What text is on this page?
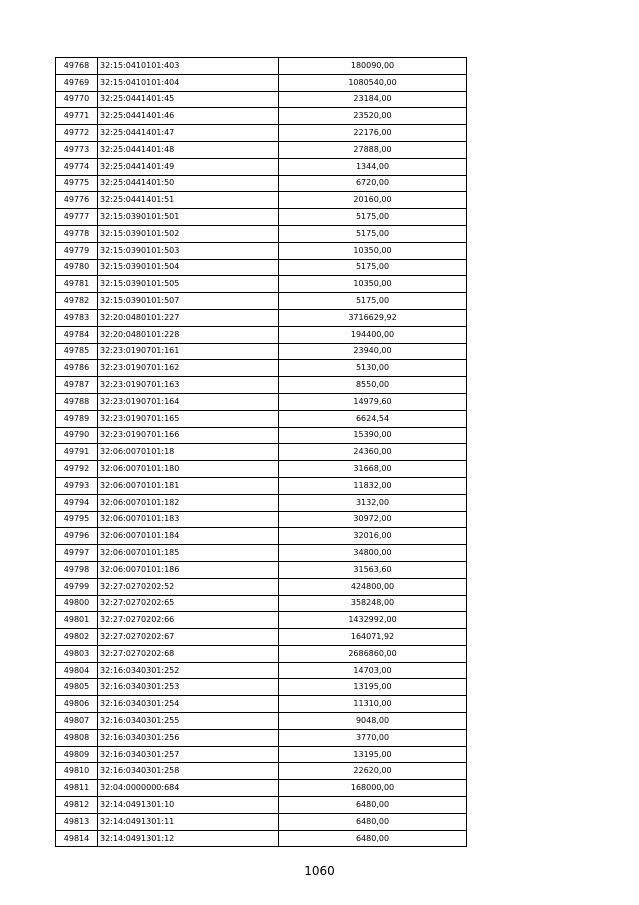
49768	32:15:0410101:403	180090,00
49769	32:15:0410101:404	1080540,00
49770	32:25:0441401:45	23184,00
49771	32:25:0441401:46	23520,00
49772	32:25:0441401:47	22176,00
49773	32:25:0441401:48	27888,00
49774	32:25:0441401:49	1344,00
49775	32:25:0441401:50	6720,00
49776	32:25:0441401:51	20160,00
49777	32:15:0390101:501	5175,00
49778	32:15:0390101:502	5175,00
49779	32:15:0390101:503	10350,00
49780	32:15:0390101:504	5175,00
49781	32:15:0390101:505	10350,00
49782	32:15:0390101:507	5175,00
49783	32:20:0480101:227	3716629,92
49784	32:20:0480101:228	194400,00
49785	32:23:0190701:161	23940,00
49786	32:23:0190701:162	5130,00
49787	32:23:0190701:163	8550,00
49788	32:23:0190701:164	14979,60
49789	32:23:0190701:165	6624,54
49790	32:23:0190701:166	15390,00
49791	32:06:0070101:18	24360,00
49792	32:06:0070101:180	31668,00
49793	32:06:0070101:181	11832,00
49794	32:06:0070101:182	3132,00
49795	32:06:0070101:183	30972,00
49796	32:06:0070101:184	32016,00
49797	32:06:0070101:185	34800,00
49798	32:06:0070101:186	31563,60
49799	32:27:0270202:52	424800,00
49800	32:27:0270202:65	358248,00
49801	32:27:0270202:66	1432992,00
49802	32:27:0270202:67	164071,92
49803	32:27:0270202:68	2686860,00
49804	32:16:0340301:252	14703,00
49805	32:16:0340301:253	13195,00
49806	32:16:0340301:254	11310,00
49807	32:16:0340301:255	9048,00
49808	32:16:0340301:256	3770,00
49809	32:16:0340301:257	13195,00
49810	32:16:0340301:258	22620,00
49811	32:04:0000000:684	168000,00
49812	32:14:0491301:10	6480,00
49813	32:14:0491301:11	6480,00
49814	32:14:0491301:12	6480,00
1060
